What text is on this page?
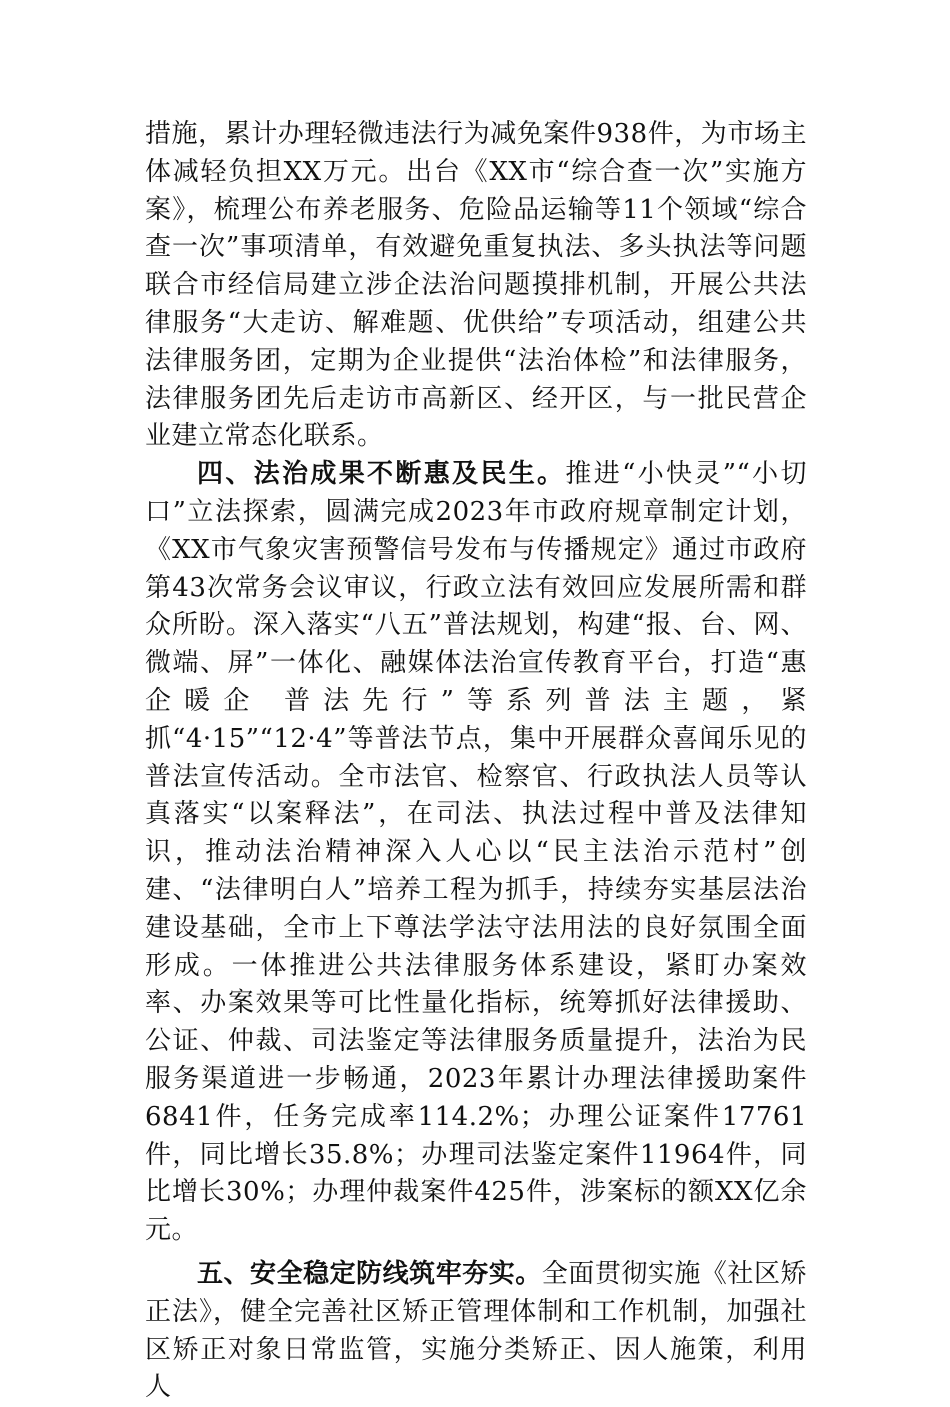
措施，累计办理轻微违法行为减免案件938件，为市场主体减轻负担XX万元。出台《XX市“综合查一次”实施方案》，梳理公布养老服务、危险品运输等11个领域“综合查一次”事项清单，有效避免重复执法、多头执法等问题联合市经信局建立涉企法治问题摸排机制，开展公共法律服务“大走访、解难题、优供给”专项活动，组建公共法律服务团，定期为企业提供“法治体检”和法律服务，法律服务团先后走访市高新区、经开区，与一批民营企业建立常态化联系。

四、法治成果不断惠及民生。推进“小快灵”“小切口”立法探索，圆满完成2023年市政府规章制定计划，《XX市气象灾害预警信号发布与传播规定》通过市政府第43次常务会议审议，行政立法有效回应发展所需和群众所盼。深入落实“八五”普法规划，构建“报、台、网、微端、屏”一体化、融媒体法治宣传教育平台，打造“惠企暖企 普法先行”等系列普法主题，紧抓“4·15”“12·4”等普法节点，集中开展群众喜闻乐见的普法宣传活动。全市法官、检察官、行政执法人员等认真落实“以案释法”，在司法、执法过程中普及法律知识，推动法治精神深入人心以“民主法治示范村”创建、“法律明白人”培养工程为抓手，持续夯实基层法治建设基础，全市上下尊法学法守法用法的良好氛围全面形成。一体推进公共法律服务体系建设，紧盯办案效率、办案效果等可比性量化指标，统筹抓好法律援助、公证、仲裁、司法鉴定等法律服务质量提升，法治为民服务渠道进一步畅通，2023年累计办理法律援助案件6841件，任务完成率114.2%；办理公证案件17761件，同比增长35.8%；办理司法鉴定案件11964件，同比增长30%；办理仲裁案件425件，涉案标的额XX亿余元。

五、安全稳定防线筑牢夯实。全面贯彻实施《社区矫正法》，健全完善社区矫正管理体制和工作机制，加强社区矫正对象日常监管，实施分类矫正、因人施策，利用人
